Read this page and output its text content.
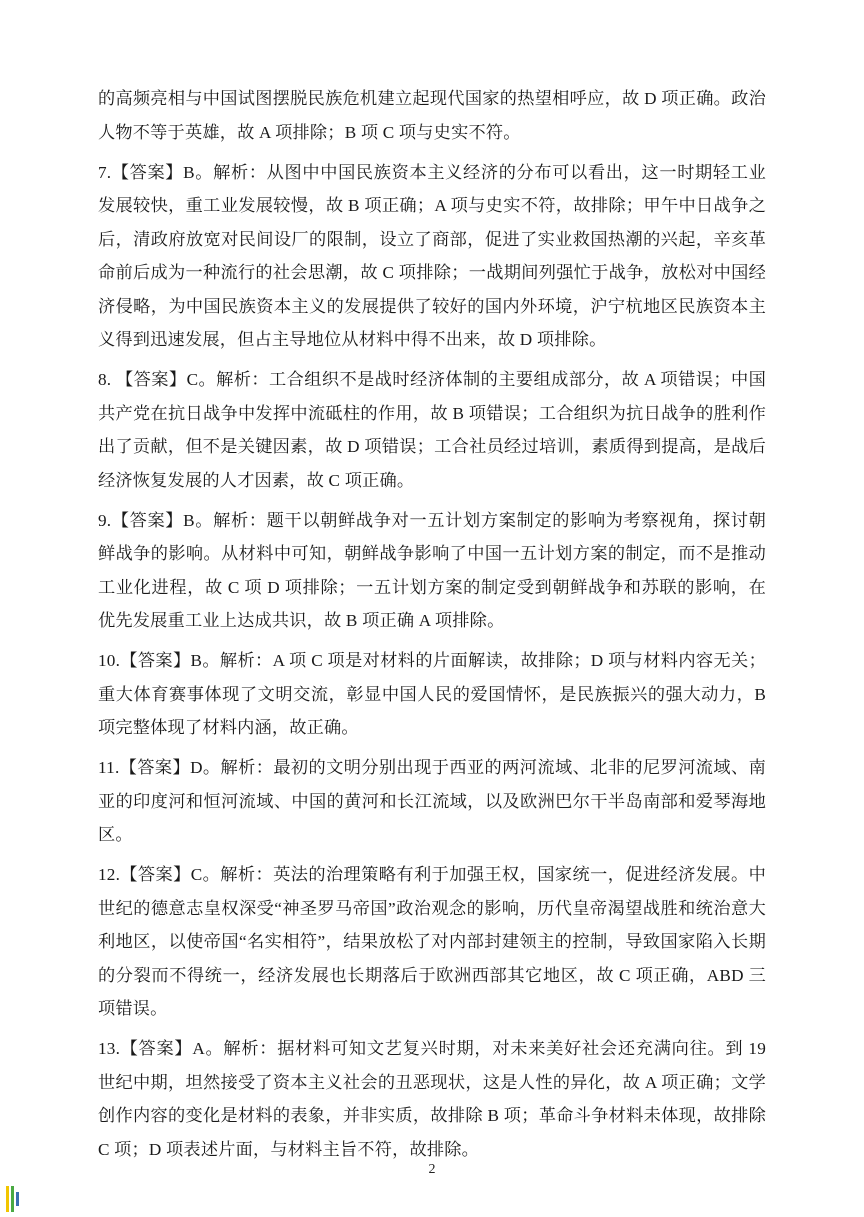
的高频亮相与中国试图摆脱民族危机建立起现代国家的热望相呼应，故 D 项正确。政治人物不等于英雄，故 A 项排除；B 项 C 项与史实不符。

7.【答案】B。解析：从图中中国民族资本主义经济的分布可以看出，这一时期轻工业发展较快，重工业发展较慢，故 B 项正确；A 项与史实不符，故排除；甲午中日战争之后，清政府放宽对民间设厂的限制，设立了商部，促进了实业救国热潮的兴起，辛亥革命前后成为一种流行的社会思潮，故 C 项排除；一战期间列强忙于战争，放松对中国经济侵略，为中国民族资本主义的发展提供了较好的国内外环境，沪宁杭地区民族资本主义得到迅速发展，但占主导地位从材料中得不出来，故 D 项排除。

8. 【答案】C。解析：工合组织不是战时经济体制的主要组成部分，故 A 项错误；中国共产党在抗日战争中发挥中流砥柱的作用，故 B 项错误；工合组织为抗日战争的胜利作出了贡献，但不是关键因素，故 D 项错误；工合社员经过培训，素质得到提高，是战后经济恢复发展的人才因素，故 C 项正确。

9.【答案】B。解析：题干以朝鲜战争对一五计划方案制定的影响为考察视角，探讨朝鲜战争的影响。从材料中可知，朝鲜战争影响了中国一五计划方案的制定，而不是推动工业化进程，故 C 项 D 项排除；一五计划方案的制定受到朝鲜战争和苏联的影响，在优先发展重工业上达成共识，故 B 项正确 A 项排除。

10.【答案】B。解析：A 项 C 项是对材料的片面解读，故排除；D 项与材料内容无关；重大体育赛事体现了文明交流，彰显中国人民的爱国情怀，是民族振兴的强大动力，B 项完整体现了材料内涵，故正确。

11.【答案】D。解析：最初的文明分别出现于西亚的两河流域、北非的尼罗河流域、南亚的印度河和恒河流域、中国的黄河和长江流域，以及欧洲巴尔干半岛南部和爱琴海地区。

12.【答案】C。解析：英法的治理策略有利于加强王权，国家统一，促进经济发展。中世纪的德意志皇权深受“神圣罗马帝国”政治观念的影响，历代皇帝渴望战胜和统治意大利地区，以使帝国“名实相符”，结果放松了对内部封建领主的控制，导致国家陷入长期的分裂而不得统一，经济发展也长期落后于欧洲西部其它地区，故 C 项正确，ABD 三项错误。

13.【答案】A。解析：据材料可知文艺复兴时期，对未来美好社会还充满向往。到 19 世纪中期，坦然接受了资本主义社会的丑恶现状，这是人性的异化，故 A 项正确；文学创作内容的变化是材料的表象，并非实质，故排除 B 项；革命斗争材料未体现，故排除 C 项；D 项表述片面，与材料主旨不符，故排除。

2
